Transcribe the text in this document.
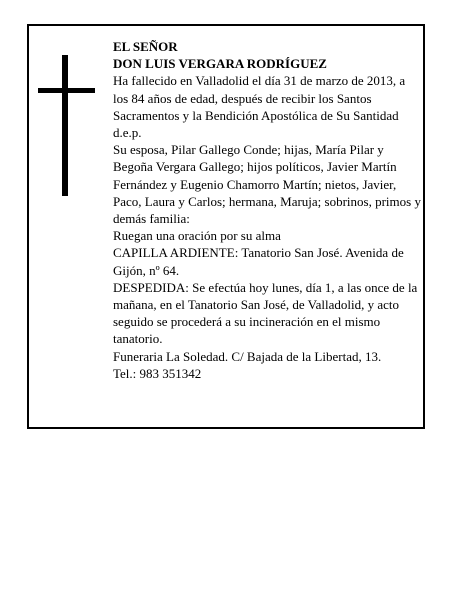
EL SEÑOR

DON LUIS VERGARA RODRÍGUEZ

Ha fallecido en Valladolid el día 31 de marzo de 2013, a los 84 años de edad, después de recibir los Santos Sacramentos y la Bendición Apostólica de Su Santidad d.e.p.

Su esposa, Pilar Gallego Conde; hijas, María Pilar y Begoña Vergara Gallego; hijos políticos, Javier Martín Fernández y Eugenio Chamorro Martín; nietos, Javier, Paco, Laura y Carlos; hermana, Maruja; sobrinos, primos y demás familia:

Ruegan una oración por su alma

CAPILLA ARDIENTE: Tanatorio San José. Avenida de Gijón, nº 64.

DESPEDIDA: Se efectúa hoy lunes, día 1, a las once de la mañana, en el Tanatorio San José, de Valladolid, y acto seguido se procederá a su incineración en el mismo tanatorio.

Funeraria La Soledad. C/ Bajada de la Libertad, 13.

Tel.: 983 351342
